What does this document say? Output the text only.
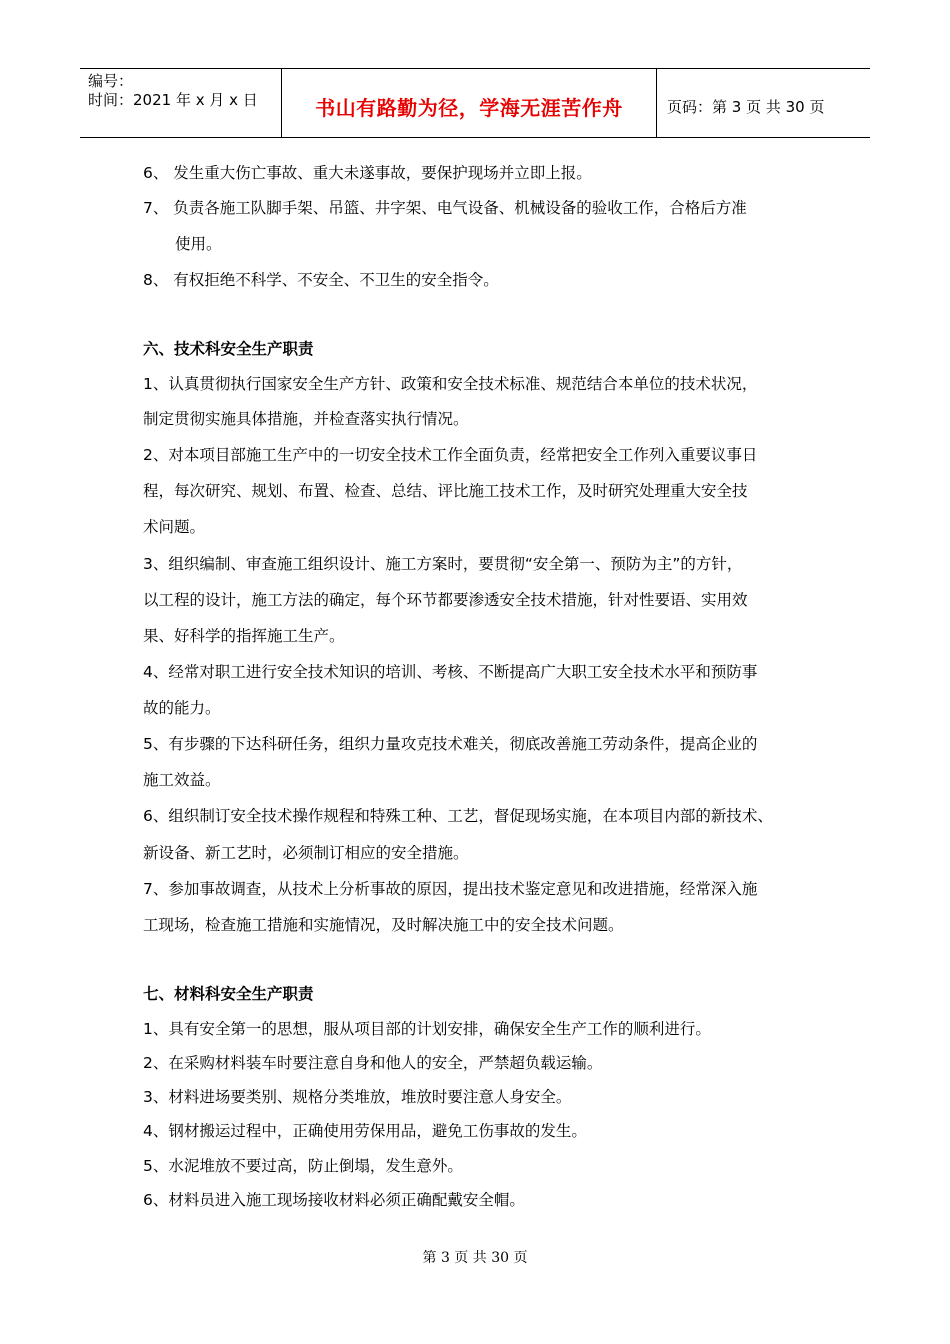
编号：
时间：2021 年 x 月 x 日	书山有路勤为径，学海无涯苦作舟	页码：第 3 页 共 30 页
6、 发生重大伤亡事故、重大未遂事故，要保护现场并立即上报。
7、 负责各施工队脚手架、吊篮、井字架、电气设备、机械设备的验收工作，合格后方准
使用。
8、 有权拒绝不科学、不安全、不卫生的安全指令。
六、技术科安全生产职责
1、认真贯彻执行国家安全生产方针、政策和安全技术标准、规范结合本单位的技术状况，
制定贯彻实施具体措施，并检查落实执行情况。
2、对本项目部施工生产中的一切安全技术工作全面负责，经常把安全工作列入重要议事日
程，每次研究、规划、布置、检查、总结、评比施工技术工作，及时研究处理重大安全技
术问题。
3、组织编制、审查施工组织设计、施工方案时，要贯彻“安全第一、预防为主”的方针，
以工程的设计，施工方法的确定，每个环节都要渗透安全技术措施，针对性要语、实用效
果、好科学的指挥施工生产。
4、经常对职工进行安全技术知识的培训、考核、不断提高广大职工安全技术水平和预防事
故的能力。
5、有步骤的下达科研任务，组织力量攻克技术难关，彻底改善施工劳动条件，提高企业的
施工效益。
6、组织制订安全技术操作规程和特殊工种、工艺，督促现场实施，在本项目内部的新技术、
新设备、新工艺时，必须制订相应的安全措施。
7、参加事故调查，从技术上分析事故的原因，提出技术鉴定意见和改进措施，经常深入施
工现场，检查施工措施和实施情况，及时解决施工中的安全技术问题。
七、材料科安全生产职责
1、具有安全第一的思想，服从项目部的计划安排，确保安全生产工作的顺利进行。
2、在采购材料装车时要注意自身和他人的安全，严禁超负载运输。
3、材料进场要类别、规格分类堆放，堆放时要注意人身安全。
4、钢材搬运过程中，正确使用劳保用品，避免工伤事故的发生。
5、水泥堆放不要过高，防止倒塌，发生意外。
6、材料员进入施工现场接收材料必须正确配戴安全帽。
第 3 页 共 30 页
